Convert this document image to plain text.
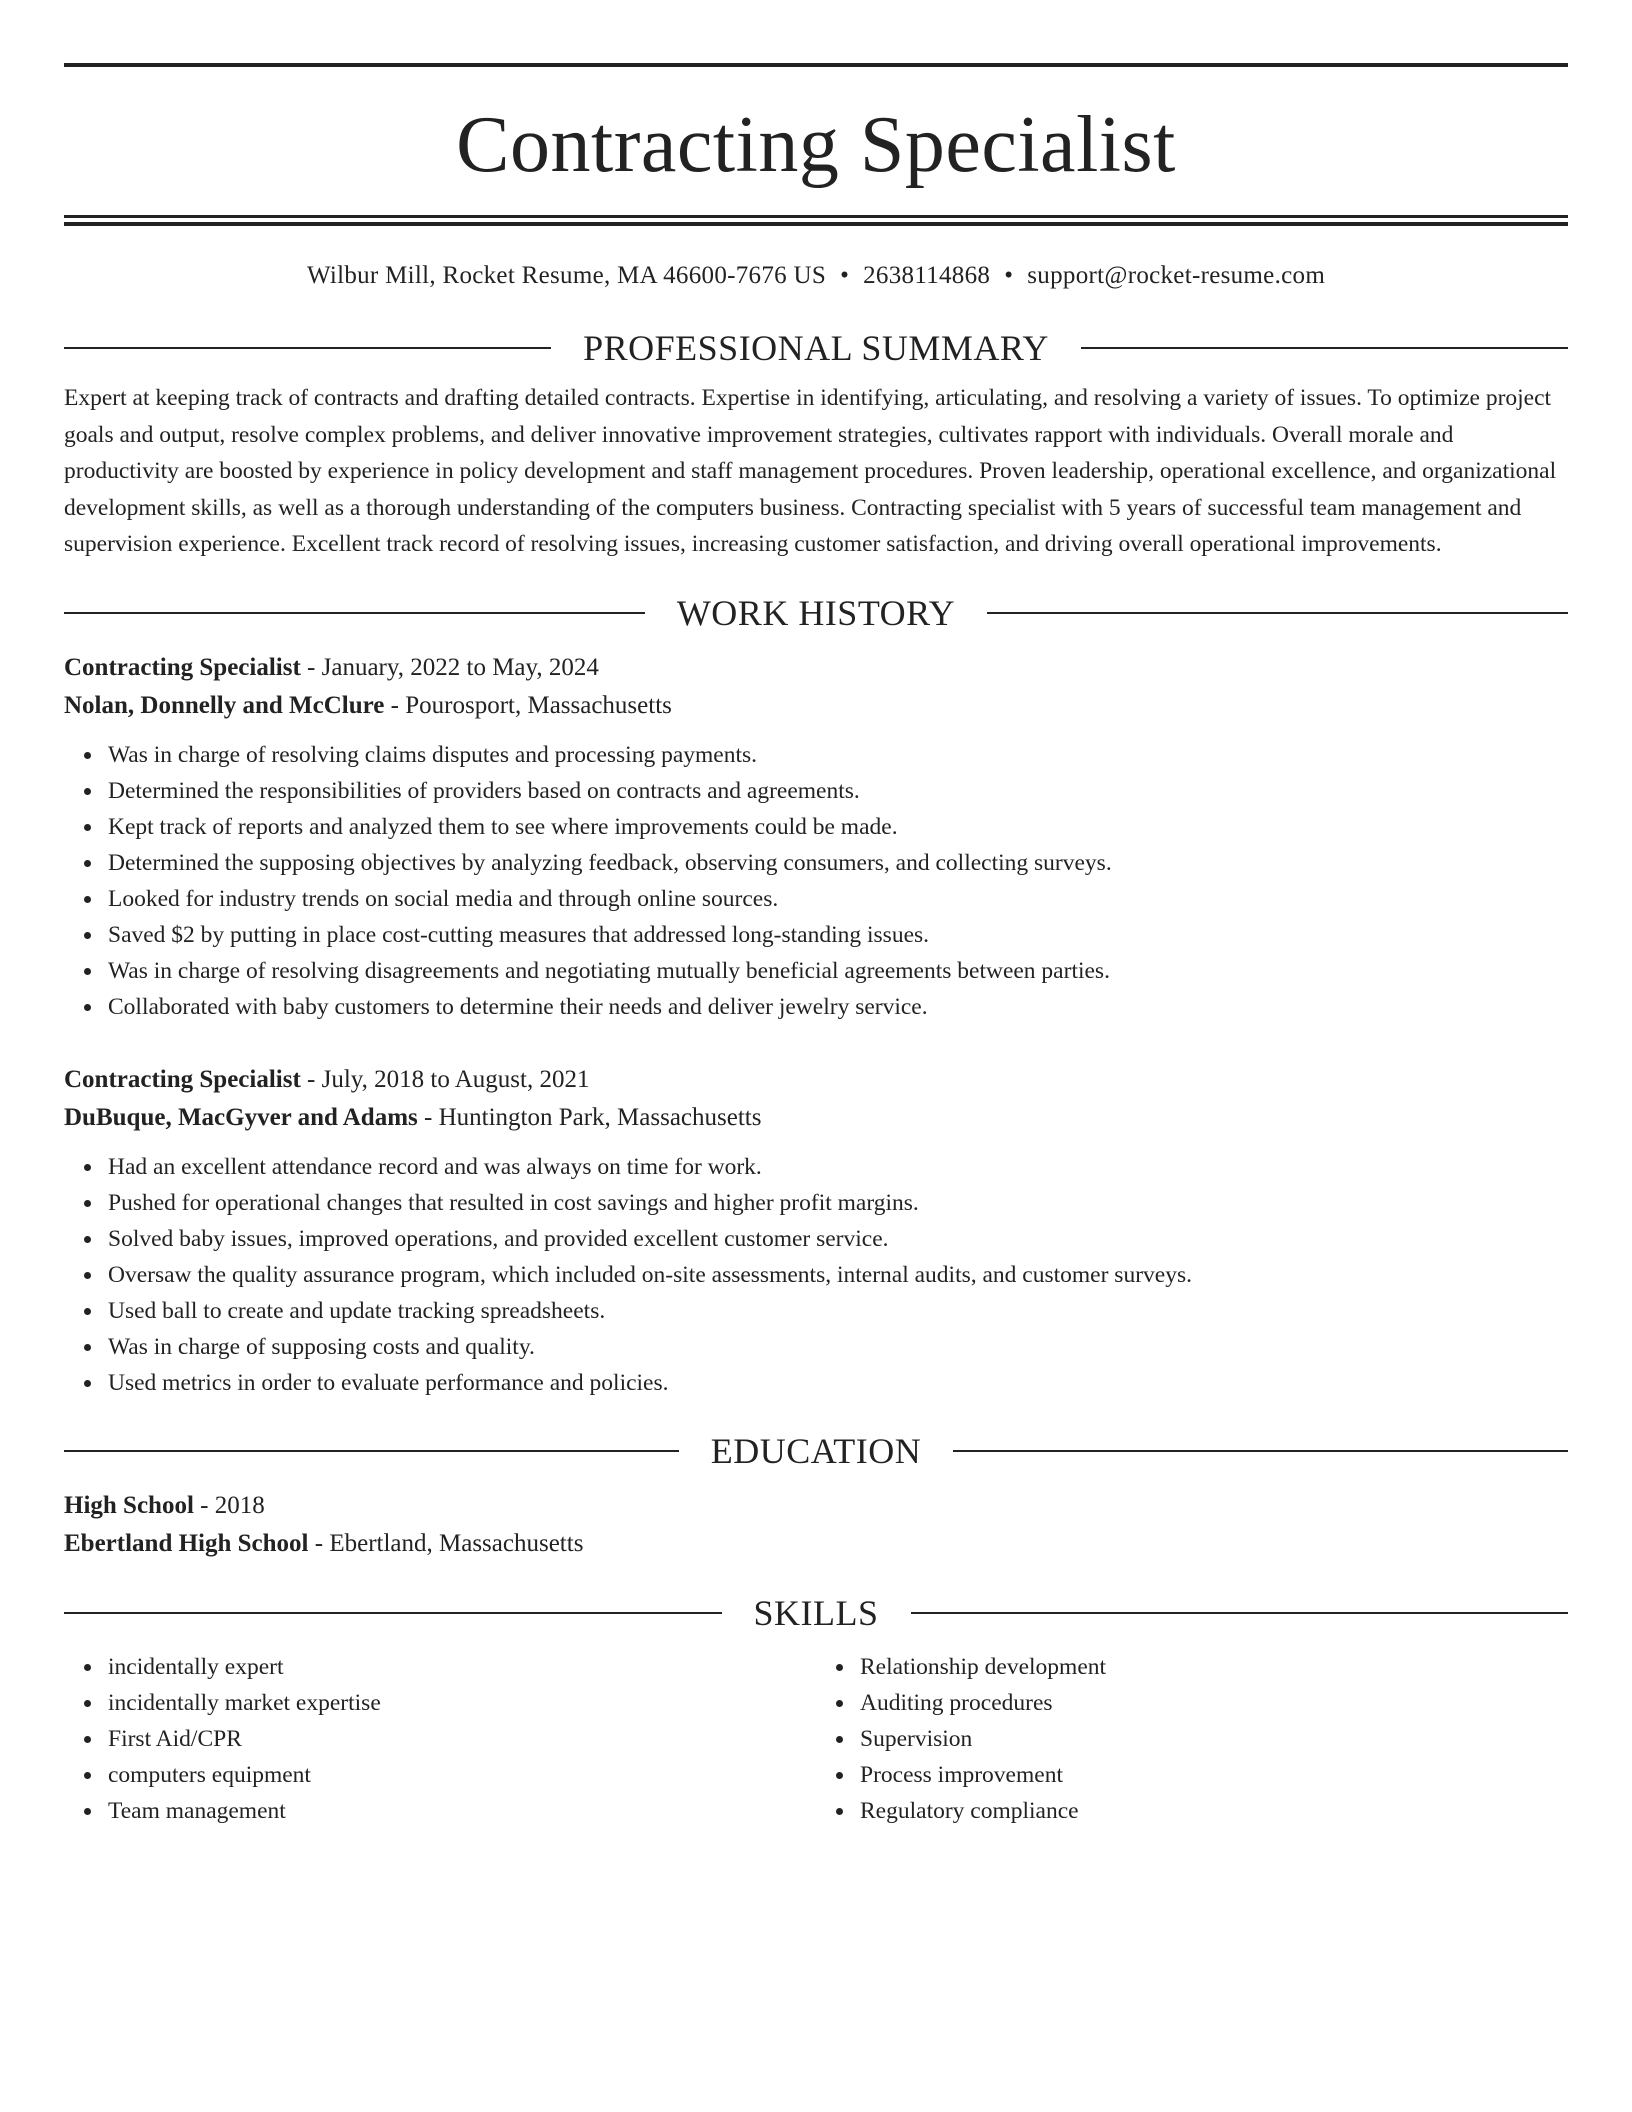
Contracting Specialist
Wilbur Mill, Rocket Resume, MA 46600-7676 US • 2638114868 • support@rocket-resume.com
PROFESSIONAL SUMMARY
Expert at keeping track of contracts and drafting detailed contracts. Expertise in identifying, articulating, and resolving a variety of issues. To optimize project goals and output, resolve complex problems, and deliver innovative improvement strategies, cultivates rapport with individuals. Overall morale and productivity are boosted by experience in policy development and staff management procedures. Proven leadership, operational excellence, and organizational development skills, as well as a thorough understanding of the computers business. Contracting specialist with 5 years of successful team management and supervision experience. Excellent track record of resolving issues, increasing customer satisfaction, and driving overall operational improvements.
WORK HISTORY
Contracting Specialist - January, 2022 to May, 2024
Nolan, Donnelly and McClure - Pourosport, Massachusetts
Was in charge of resolving claims disputes and processing payments.
Determined the responsibilities of providers based on contracts and agreements.
Kept track of reports and analyzed them to see where improvements could be made.
Determined the supposing objectives by analyzing feedback, observing consumers, and collecting surveys.
Looked for industry trends on social media and through online sources.
Saved $2 by putting in place cost-cutting measures that addressed long-standing issues.
Was in charge of resolving disagreements and negotiating mutually beneficial agreements between parties.
Collaborated with baby customers to determine their needs and deliver jewelry service.
Contracting Specialist - July, 2018 to August, 2021
DuBuque, MacGyver and Adams - Huntington Park, Massachusetts
Had an excellent attendance record and was always on time for work.
Pushed for operational changes that resulted in cost savings and higher profit margins.
Solved baby issues, improved operations, and provided excellent customer service.
Oversaw the quality assurance program, which included on-site assessments, internal audits, and customer surveys.
Used ball to create and update tracking spreadsheets.
Was in charge of supposing costs and quality.
Used metrics in order to evaluate performance and policies.
EDUCATION
High School - 2018
Ebertland High School - Ebertland, Massachusetts
SKILLS
incidentally expert
incidentally market expertise
First Aid/CPR
computers equipment
Team management
Relationship development
Auditing procedures
Supervision
Process improvement
Regulatory compliance
